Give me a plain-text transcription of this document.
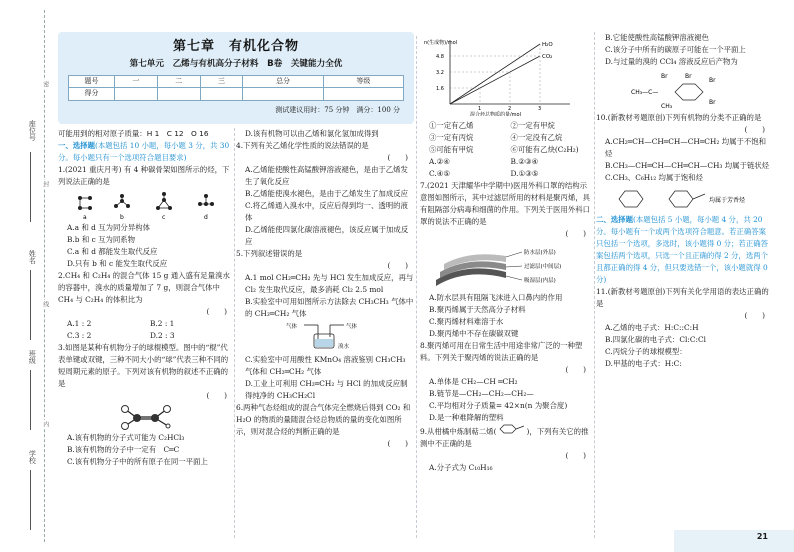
座位号
姓名
班级
学校
密
封
线
内
第七章　有机化合物
第七单元　乙烯与有机高分子材料　B卷　关键能力全优
题号	一	二	三	总分	等级
得分					
测试建议用时：75 分钟　满分：100 分

可能用到的相对原子质量：H 1　C 12　O 16

一、选择题(本题包括 10 小题，每小题 3 分，共 30 分。每小题只有一个选项符合题目要求)

1.(2021 重庆月考) 有 4 种碳骨架如图所示的烃，下列说法正确的是

a	b	c	d

A.a 和 d 互为同分异构体

B.b 和 c 互为同系物

C.a 和 d 都能发生取代反应

D.只有 b 和 c 能发生取代反应

2.CH₄ 和 C₂H₄ 的混合气体 15 g 通入盛有足量溴水的容器中，溴水的质量增加了 7 g，则混合气体中 CH₄ 与 C₂H₄ 的体积比为

(　　)

A.1 : 2	B.2 : 1
C.3 : 2	D.2 : 3

3.如图是某种有机物分子的球棍模型。图中的“棍”代表单键或双键，三种不同大小的“球”代表三种不同的短周期元素的原子。下列对该有机物的叙述不正确的是

(　　)

A.该有机物的分子式可能为 C₂HCl₃

B.该有机物的分子中一定有　 C═C

C.该有机物分子中的所有原子在同一平面上

D.该有机物可以由乙烯和氯化氢加成得到

4.下列有关乙烯化学性质的说法错误的是

(　　)

A.乙烯能使酸性高锰酸钾溶液褪色，是由于乙烯发生了氧化反应

B.乙烯能使溴水褪色，是由于乙烯发生了加成反应

C.将乙烯通入溴水中，反应后得到均一、透明的液体

D.乙烯能使四氯化碳溶液褪色，该反应属于加成反应

5.下列叙述错误的是

(　　)

A.1 mol CH₂═CH₂ 先与 HCl 发生加成反应，再与 Cl₂ 发生取代反应，最多消耗 Cl₂ 2.5 mol

B.实验室中可用如图所示方法除去 CH₃CH₃ 气体中的 CH₂═CH₂ 气体

气体	气体
溴水

C.实验室中可用酸性 KMnO₄ 溶液鉴别 CH₃CH₃ 气体和 CH₂═CH₂ 气体

D.工业上可利用 CH₂═CH₂ 与 HCl 的加成反应制得纯净的 CH₃CH₂Cl

6.两种气态烃组成的混合气体完全燃烧后得到 CO₂ 和 H₂O 的物质的量随混合烃总物质的量的变化如图所示，则对混合烃的判断正确的是

(　　)

n(生成物)/mol	H₂O
CO₂
4.8
3.2
1.6
1	2	3
混合烃总物质的量/mol
①一定有乙烯	②一定有甲烷
③一定有丙烷	④一定没有乙烷
⑤可能有甲烷	⑥可能有乙炔(C₂H₂)
A.②④	B.②③④
C.④⑤	D.①③⑤

7.(2021 天津耀华中学期中)医用外科口罩的结构示意图如图所示，其中过滤层所用的材料是聚丙烯，具有阻隔部分病毒和细菌的作用。下列关于医用外科口罩的说法不正确的是

(　　)

防水层(外层)
过滤层(中间层)
吸湿层(内层)

A.防水层具有阻隔飞沫进入口鼻内的作用

B.聚丙烯属于天然高分子材料

C.聚丙烯材料难溶于水

D.聚丙烯中不存在碳碳双键

8.聚丙烯可用在日常生活中用途非常广泛的一种塑料。下列关于聚丙烯的说法正确的是

(　　)

A.单体是 CH₂—CH ═CH₂

B.链节是—CH₂—CH₂—CH₂—

C.平均相对分子质量= 42×n(n 为聚合度)

D.是一种难降解的塑料

9.从柑橘中炼制萜二烯(	)，下列有关它的推测中不正确的是

(　　)

A.分子式为 C₁₀H₁₆

B.它能使酸性高锰酸钾溶液褪色

C.该分子中所有的碳原子可能在一个平面上

D.与过量的溴的 CCl₄ 溶液反应后产物为

CH₃—C—
Br
CH₃
Br
Br
Br

10.(新教材考题原创)下列有机物的分类不正确的是

(　　)

A.CH₂═CH—CH═CH—CH═CH₂ 均属于不饱和烃

B.CH₃—CH═CH—CH═CH—CH₃ 均属于链状烃

C.CH₃、C₆H₁₂ 均属于饱和烃

均属于芳香烃

二、选择题(本题包括 5 小题，每小题 4 分，共 20 分。每小题有一个或两个选项符合题意。若正确答案只包括一个选项，多选时，该小题得 0 分；若正确答案包括两个选项，只选一个且正确的得 2 分，选两个且都正确的得 4 分，但只要选错一个，该小题就得 0 分)

11.(新教材考题原创)下列有关化学用语的表达正确的是

(　　)

A.乙烯的电子式：H:C::C:H

B.四氯化碳的电子式：Cl:C:Cl

C.丙烷分子的球棍模型：

D.甲基的电子式：H:C:

21
